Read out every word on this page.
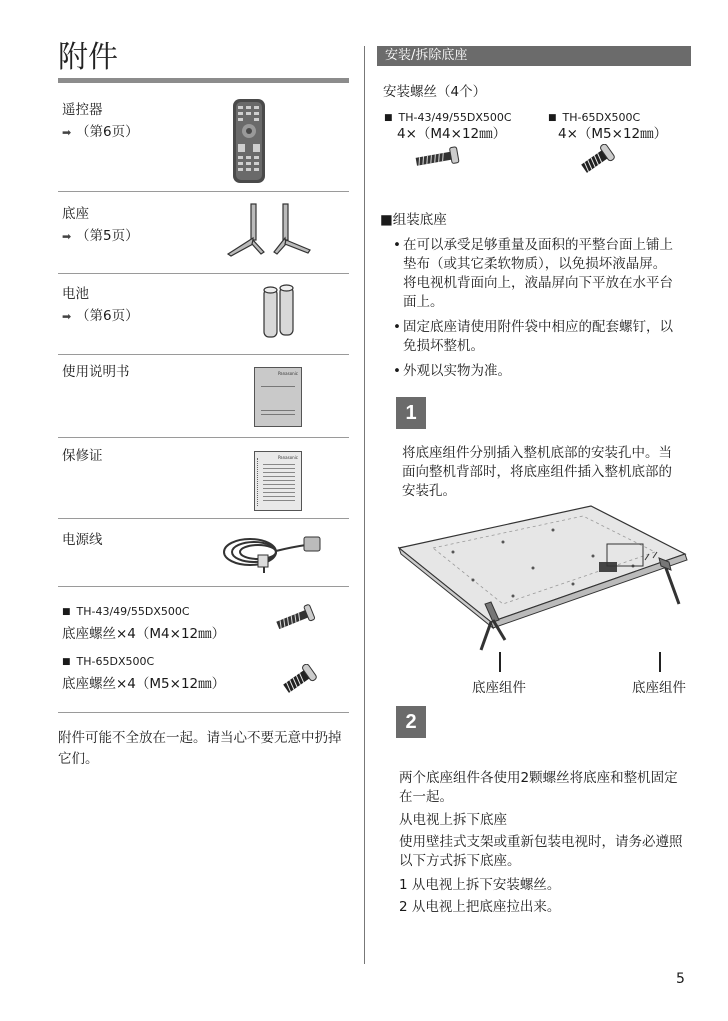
附件
遥控器
➡ （第6页）
底座
➡ （第5页）
电池
➡ （第6页）
使用说明书	Panasonic
保修证	Panasonic
电源线
■ TH-43/49/55DX500C
底座螺丝×4（M4×12㎜）
■ TH-65DX500C
底座螺丝×4（M5×12㎜）
附件可能不全放在一起。请当心不要无意中扔掉它们。
安装/拆除底座
安装螺丝（4个）
■ TH-43/49/55DX500C
4×（M4×12㎜）
■ TH-65DX500C
4×（M5×12㎜）
■组装底座
• 在可以承受足够重量及面积的平整台面上铺上垫布（或其它柔软物质），以免损坏液晶屏。将电视机背面向上，液晶屏向下平放在水平台面上。
• 固定底座请使用附件袋中相应的配套螺钉，以免损坏整机。
• 外观以实物为准。
1
将底座组件分别插入整机底部的安装孔中。当面向整机背部时，将底座组件插入整机底部的安装孔。
底座组件	底座组件
2
两个底座组件各使用2颗螺丝将底座和整机固定在一起。
从电视上拆下底座
使用壁挂式支架或重新包装电视时，请务必遵照以下方式拆下底座。
1 从电视上拆下安装螺丝。
2 从电视上把底座拉出来。
5
